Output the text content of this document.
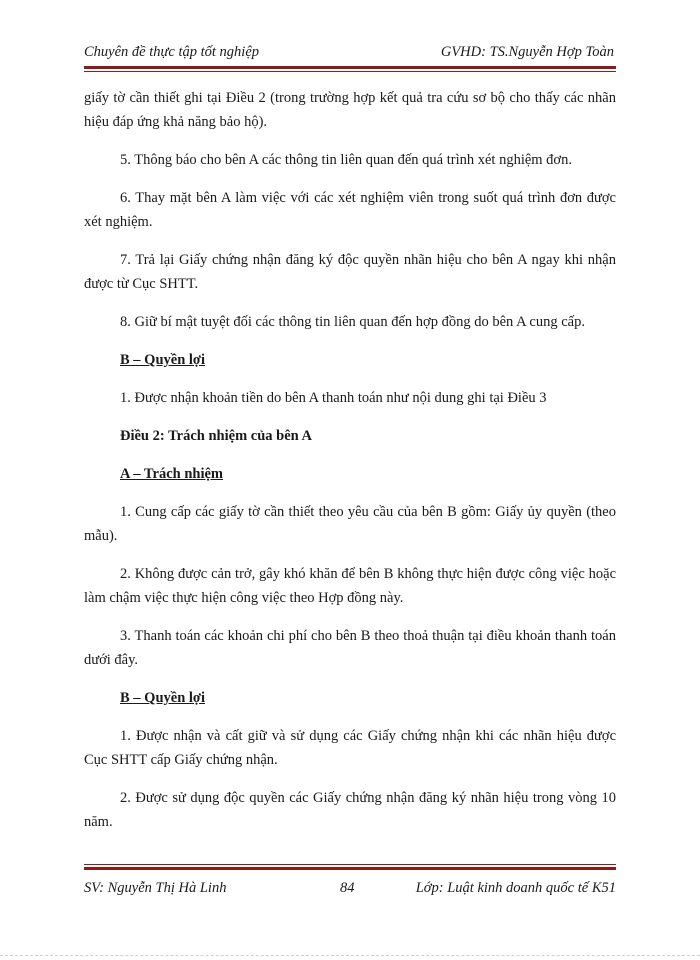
Chuyên đề thực tập tốt nghiệp	GVHD: TS.Nguyễn Hợp Toàn

giấy tờ cần thiết ghi tại Điều 2 (trong trường hợp kết quả tra cứu sơ bộ cho thấy các nhãn hiệu đáp ứng khả năng bảo hộ).

5. Thông báo cho bên A các thông tin liên quan đến quá trình xét nghiệm đơn.

6. Thay mặt bên A làm việc với các xét nghiệm viên trong suốt quá trình đơn được xét nghiệm.

7. Trả lại Giấy chứng nhận đăng ký độc quyền nhãn hiệu cho bên A ngay khi nhận được từ Cục SHTT.

8. Giữ bí mật tuyệt đối các thông tin liên quan đến hợp đồng do bên A cung cấp.

B – Quyền lợi

1. Được nhận khoản tiền do bên A thanh toán như nội dung ghi tại Điều 3

Điều 2: Trách nhiệm của bên A

A – Trách nhiệm

1. Cung cấp các giấy tờ cần thiết theo yêu cầu của bên B gồm: Giấy ủy quyền (theo mẫu).

2. Không được cản trở, gây khó khăn để bên B không thực hiện được công việc hoặc làm chậm việc thực hiện công việc theo Hợp đồng này.

3. Thanh toán các khoản chi phí cho bên B theo thoả thuận tại điều khoản thanh toán dưới đây.

B – Quyền lợi

1. Được nhận và cất giữ và sử dụng các Giấy chứng nhận khi các nhãn hiệu được Cục SHTT cấp Giấy chứng nhận.

2. Được sử dụng độc quyền các Giấy chứng nhận đăng ký nhãn hiệu trong vòng 10 năm.

SV: Nguyễn Thị Hà Linh	84	Lớp: Luật kinh doanh quốc tế K51
